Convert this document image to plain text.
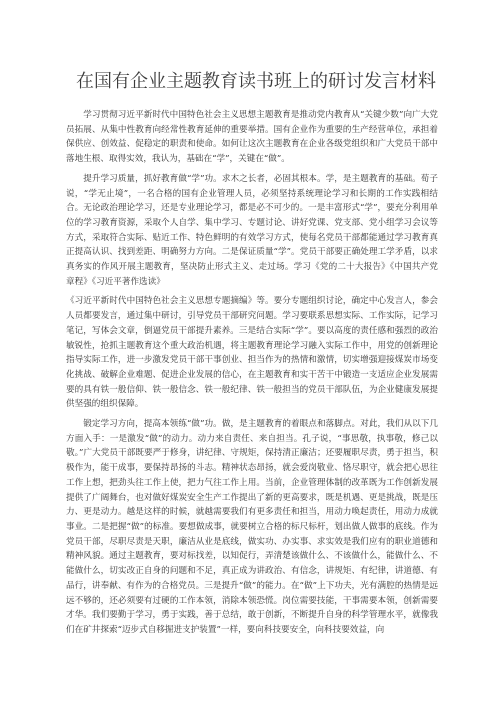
在国有企业主题教育读书班上的研讨发言材料

学习贯彻习近平新时代中国特色社会主义思想主题教育是推动党内教育从“关键少数”向广大党员拓展、从集中性教育向经常性教育延伸的重要举措。国有企业作为重要的生产经营单位，承担着保供应、创效益、促稳定的职责和使命。如何让这次主题教育在企业各级党组织和广大党员干部中落地生根、取得实效，我认为，基础在“学”，关键在“做”。

提升学习质量，抓好教育做“学”功。求木之长者，必固其根本。学，是主题教育的基础。荀子说，“学无止境”，一名合格的国有企业管理人员，必须坚持系统理论学习和长期的工作实践相结合。无论政治理论学习，还是专业理论学习，都是必不可少的。一是丰富形式“学”，要充分利用单位的学习教育资源，采取个人自学、集中学习、专题讨论、讲好党课、党支部、党小组学习会议等方式，采取符合实际、贴近工作、特色鲜明的有效学习方式，使每名党员干部都能通过学习教育真正提高认识、找到差距、明确努力方向。二是保证质量“学”。党员干部要正确处理工学矛盾，以求真务实的作风开展主题教育，坚决防止形式主义、走过场。学习《党的二十大报告》《中国共产党章程》《习近平著作选读》

《习近平新时代中国特色社会主义思想专题摘编》等。要分专题组织讨论，确定中心发言人，参会人员都要发言，通过集中研讨，引导党员干部研究问题。学习要联系思想实际、工作实际，记学习笔记，写体会文章，倒逼党员干部提升素养。三是结合实际“学”。要以高度的责任感和强烈的政治敏锐性，抢抓主题教育这个重大政治机遇，将主题教育理论学习融入实际工作中，用党的创新理论指导实际工作，进一步激发党员干部干事创业、担当作为的热情和激情，切实增强迎接煤炭市场变化挑战、破解企业难题、促进企业发展的信心，在主题教育和实干苦干中锻造一支适应企业发展需要的具有铁一般信仰、铁一般信念、铁一般纪律、铁一般担当的党员干部队伍，为企业健康发展提供坚强的组织保障。

锻定学习方向，提高本领练“做”功。做，是主题教育的着眼点和落脚点。对此，我们从以下几方面入手：一是激发“做”的动力。动力来自责任、来自担当。孔子说，“事思敬，执事敬，修己以敬。”广大党员干部既要严于修身，讲纪律、守规矩，保持清正廉洁；还要履职尽责，勇于担当，积极作为，能干成事，要保持昂扬的斗志。精神状态昂扬，就会爱岗敬业、恪尽职守，就会把心思往工作上想，把劲头往工作上使，把力气往工作上用。当前，企业管理体制的改革既为工作创新发展提供了广阔舞台，也对做好煤炭安全生产工作提出了新的更高要求，既是机遇、更是挑战，既是压力、更是动力。越是这样的时候，就越需要我们有更多责任和担当，用动力唤起责任，用动力成就事业。二是把握“做”的标准。要想做成事，就要树立合格的标尺标杆，划出做人做事的底线。作为党员干部，尽职尽责是天职，廉洁从业是底线，做实功、办实事、求实效是我们应有的职业道德和精神风貌。通过主题教育，要对标找差，以知促行，弄清楚该做什么、不该做什么，能做什么、不能做什么，切实改正自身的问题和不足，真正成为讲政治、有信念，讲规矩、有纪律，讲道德、有品行，讲奉献、有作为的合格党员。三是提升“做”的能力。在“做”上下功夫，光有满腔的热情是远远不够的，还必须要有过硬的工作本领，消除本领恐慌。岗位需要技能，干事需要本领，创新需要才华。我们要勤于学习，勇于实践，善于总结，敢于创新，不断提升自身的科学管理水平，就像我们在矿井探索“迈步式自移掘进支护装置”一样，要向科技要安全，向科技要效益，向
